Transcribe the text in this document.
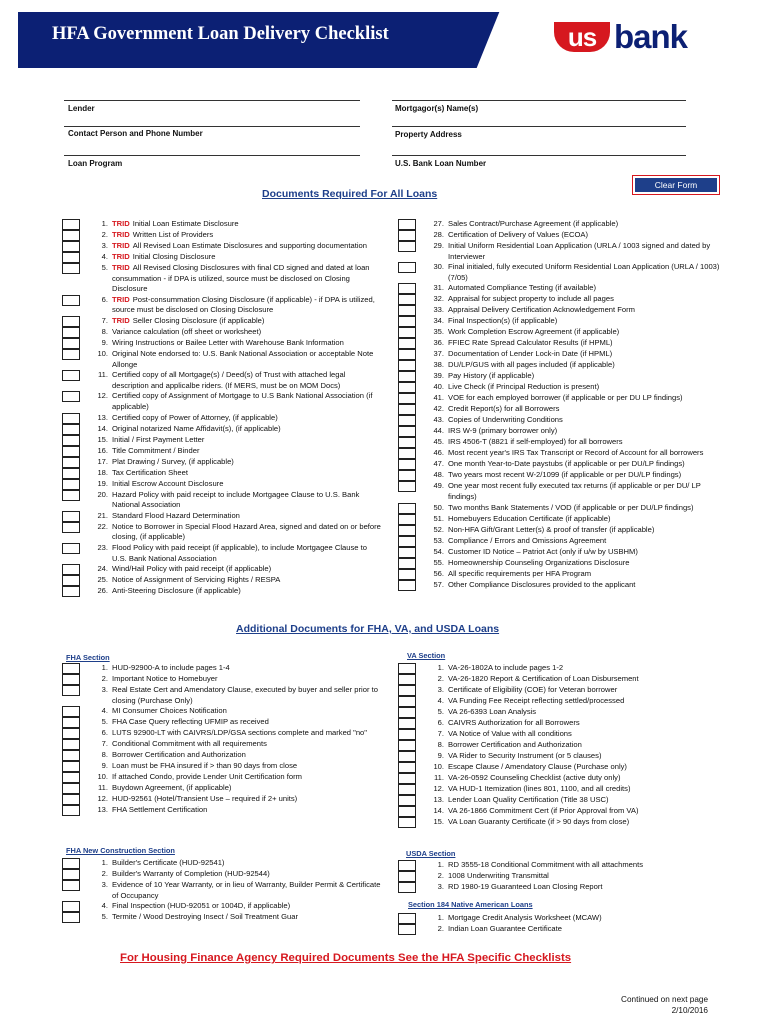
HFA Government Loan Delivery Checklist	us bank
Lender	Mortgagor(s) Name(s)
Contact Person and Phone Number	Property Address
Loan Program	U.S. Bank Loan Number
Clear Form
Documents Required For All Loans
1. TRID Initial Loan Estimate Disclosure
2. TRID Written List of Providers
3. TRID All Revised Loan Estimate Disclosures and supporting documentation
4. TRID Initial Closing Disclosure
5. TRID All Revised Closing Disclosures with final CD signed and dated at loan consummation - if DPA is utilized, source must be disclosed on Closing Disclosure
6. TRID Post-consummation Closing Disclosure (if applicable) - if DPA is utilized, source must be disclosed on Closing Disclosure
7. TRID Seller Closing Disclosure (if applicable)
8. Variance calculation (off sheet or worksheet)
9. Wiring Instructions or Bailee Letter with Warehouse Bank Information
10. Original Note endorsed to: U.S. Bank National Association or acceptable Note Allonge
11. Certified copy of all Mortgage(s) / Deed(s) of Trust with attached legal description and applicalbe riders. (If MERS, must be on MOM Docs)
12. Certified copy of Assignment of Mortgage to U.S Bank National Association (if applicable)
13. Certified copy of Power of Attorney, (if applicable)
14. Original notarized Name Affidavit(s), (if applicable)
15. Initial / First Payment Letter
16. Title Commitment / Binder
17. Plat Drawing / Survey, (if applicable)
18. Tax Certification Sheet
19. Initial Escrow Account Disclosure
20. Hazard Policy with paid receipt to include Mortgagee Clause to U.S. Bank National Association
21. Standard Flood Hazard Determination
22. Notice to Borrower in Special Flood Hazard Area, signed and dated on or before closing, (if applicable)
23. Flood Policy with paid receipt (if applicable), to include Mortgagee Clause to U.S. Bank National Association
24. Wind/Hail Policy with paid receipt (if applicable)
25. Notice of Assignment of Servicing Rights / RESPA
26. Anti-Steering Disclosure (if applicable)
27. Sales Contract/Purchase Agreement (if applicable)
28. Certification of Delivery of Values (ECOA)
29. Initial Uniform Residential Loan Application (URLA / 1003 signed and dated by Interviewer
30. Final initialed, fully executed Uniform Residential Loan Application (URLA / 1003) (7/05)
31. Automated Compliance Testing (if available)
32. Appraisal for subject property to include all pages
33. Appraisal Delivery Certification Acknowledgement Form
34. Final Inspection(s) (if applicable)
35. Work Completion Escrow Agreement (if applicable)
36. FFIEC Rate Spread Calculator Results (if HPML)
37. Documentation of Lender Lock-in Date (if HPML)
38. DU/LP/GUS with all pages included (if applicable)
39. Pay History (if applicable)
40. Live Check (if Principal Reduction is present)
41. VOE for each employed borrower (if applicable or per DU LP findings)
42. Credit Report(s) for all Borrowers
43. Copies of Underwriting Conditions
44. IRS W-9 (primary borrower only)
45. IRS 4506-T (8821 if self-employed) for all borrowers
46. Most recent year's IRS Tax Transcript or Record of Account for all borrowers
47. One month Year-to-Date paystubs (if applicable or per DU/LP findings)
48. Two years most recent W-2/1099 (if applicable or per DU/LP findings)
49. One year most recent fully executed tax returns (if applicable or per DU/ LP findings)
50. Two months Bank Statements / VOD (if applicable or per DU/LP findings)
51. Homebuyers Education Certificate (if applicable)
52. Non-HFA Gift/Grant Letter(s) & proof of transfer (if applicable)
53. Compliance / Errors and Omissions Agreement
54. Customer ID Notice – Patriot Act (only if u/w by USBHM)
55. Homeownership Counseling Organizations Disclosure
56. All specific requirements per HFA Program
57. Other Compliance Disclosures provided to the applicant
Additional Documents for FHA, VA, and USDA Loans
FHA Section	VA Section
1. HUD-92900-A to include pages 1-4
2. Important Notice to Homebuyer
3. Real Estate Cert and Amendatory Clause, executed by buyer and seller prior to closing (Purchase Only)
4. MI Consumer Choices Notification
5. FHA Case Query reflecting UFMIP as received
6. LUTS 92900-LT with CAIVRS/LDP/GSA sections complete and marked "no"
7. Conditional Commitment with all requirements
8. Borrower Certification and Authorization
9. Loan must be FHA insured if > than 90 days from close
10. If attached Condo, provide Lender Unit Certification form
11. Buydown Agreement, (if applicable)
12. HUD-92561 (Hotel/Transient Use – required if 2+ units)
13. FHA Settlement Certification
1. VA-26-1802A to include pages 1-2
2. VA-26-1820 Report & Certification of Loan Disbursement
3. Certificate of Eligibility (COE) for Veteran borrower
4. VA Funding Fee Receipt reflecting settled/processed
5. VA 26-6393 Loan Analysis
6. CAIVRS Authorization for all Borrowers
7. VA Notice of Value with all conditions
8. Borrower Certification and Authorization
9. VA Rider to Security Instrument (or 5 clauses)
10. Escape Clause / Amendatory Clause (Purchase only)
11. VA-26-0592 Counseling Checklist (active duty only)
12. VA HUD-1 Itemization (lines 801, 1100, and all credits)
13. Lender Loan Quality Certification (Title 38 USC)
14. VA 26-1866 Commitment Cert (if Prior Approval from VA)
15. VA Loan Guaranty Certificate (if > 90 days from close)
FHA New Construction Section	USDA Section
1. Builder's Certificate (HUD-92541)
2. Builder's Warranty of Completion (HUD-92544)
3. Evidence of 10 Year Warranty, or in lieu of Warranty, Builder Permit & Certificate of Occupancy
4. Final Inspection (HUD-92051 or 1004D, if applicable)
5. Termite / Wood Destroying Insect / Soil Treatment Guar
1. RD 3555-18 Conditional Commitment with all attachments
2. 1008 Underwriting Transmittal
3. RD 1980-19 Guaranteed Loan Closing Report
Section 184 Native American Loans
1. Mortgage Credit Analysis Worksheet (MCAW)
2. Indian Loan Guarantee Certificate
For Housing Finance Agency Required Documents See the HFA Specific Checklists
Continued on next page
2/10/2016
